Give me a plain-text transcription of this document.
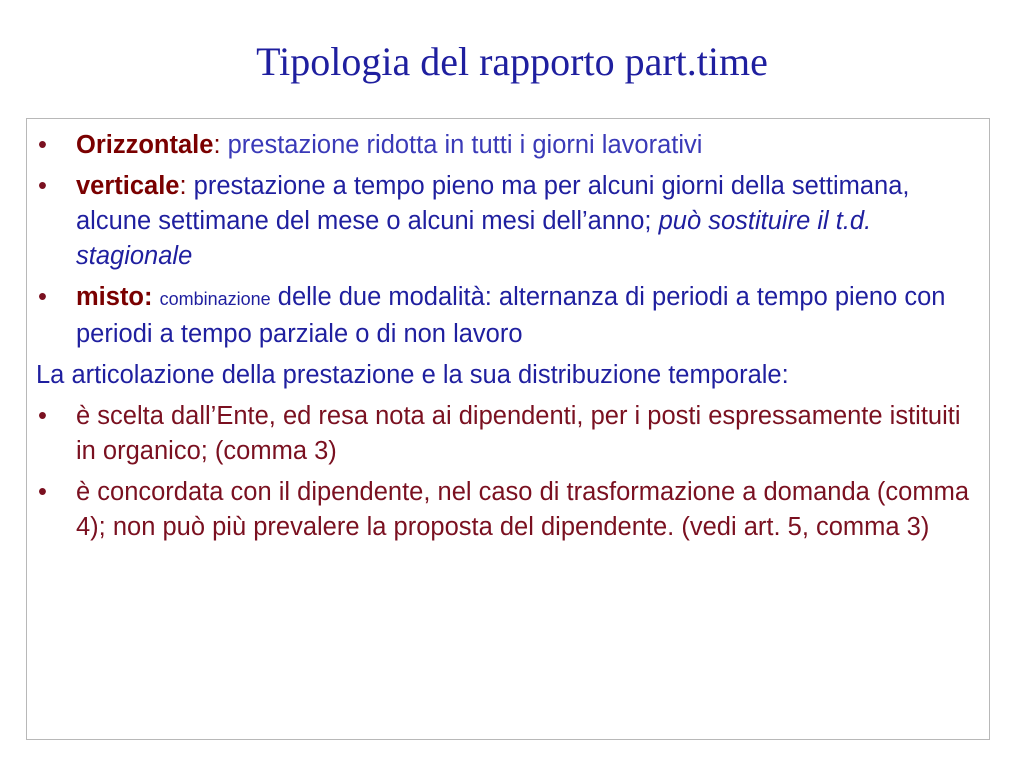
Tipologia del rapporto part.time
• Orizzontale: prestazione ridotta in tutti i giorni lavorativi
• verticale: prestazione a tempo pieno ma per alcuni giorni della settimana, alcune settimane del mese o alcuni mesi dell’anno; può sostituire il t.d. stagionale
• misto: combinazione delle due modalità: alternanza di periodi a tempo pieno con periodi a tempo parziale o di non lavoro
La articolazione della prestazione e la sua distribuzione temporale:
• è scelta dall’Ente, ed resa nota ai dipendenti, per i posti espressamente istituiti in organico; (comma 3)
• è concordata con il dipendente, nel caso di trasformazione a domanda (comma 4); non può più prevalere la proposta del dipendente. (vedi art. 5, comma 3)
